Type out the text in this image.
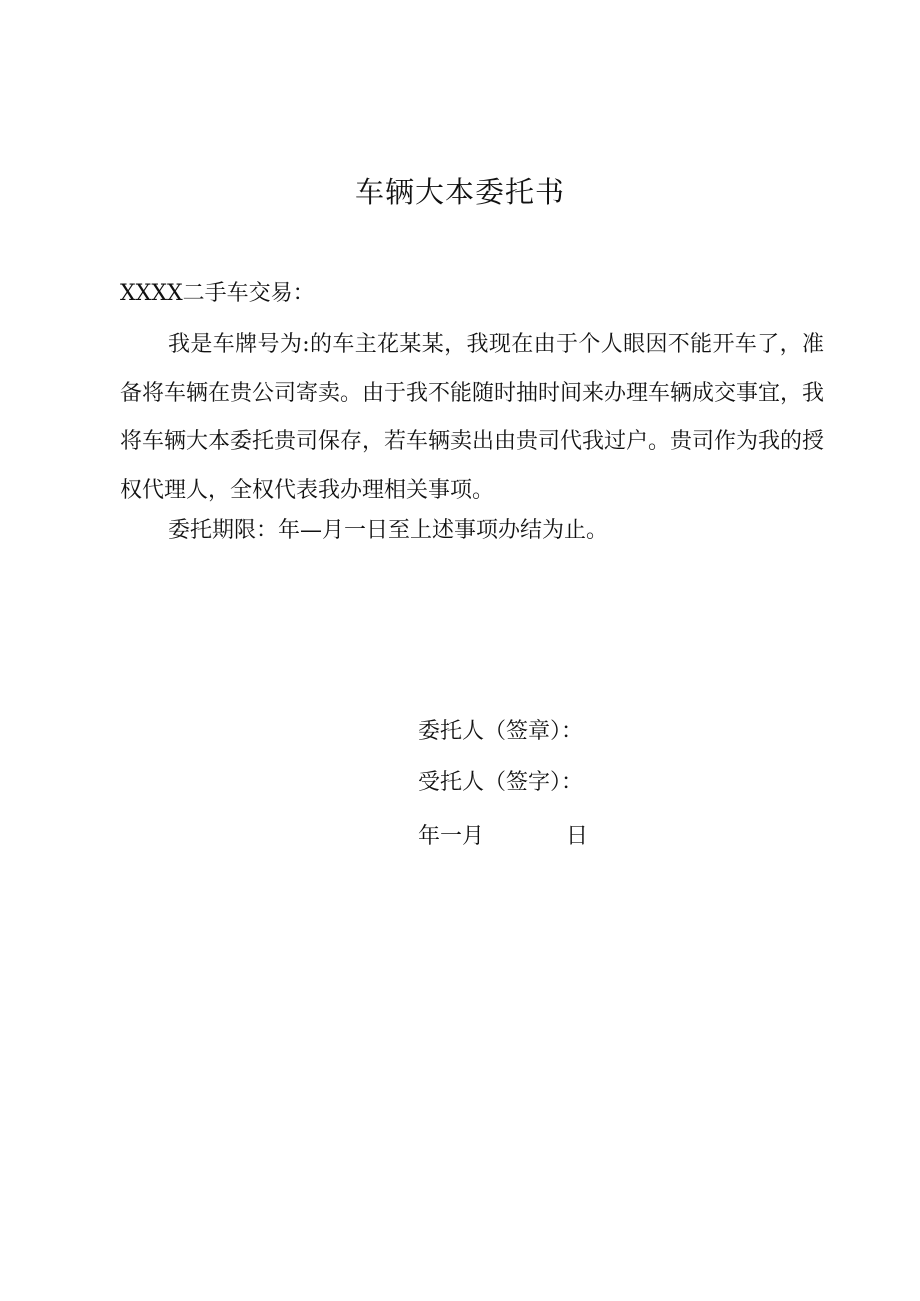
车辆大本委托书
XXXX二手车交易：

我是车牌号为:的车主花某某，我现在由于个人眼因不能开车了，准备将车辆在贵公司寄卖。由于我不能随时抽时间来办理车辆成交事宜，我将车辆大本委托贵司保存，若车辆卖出由贵司代我过户。贵司作为我的授权代理人，全权代表我办理相关事项。

委托期限：年—月一日至上述事项办结为止。
委托人（签章）：
受托人（签字）：
年一月	日
